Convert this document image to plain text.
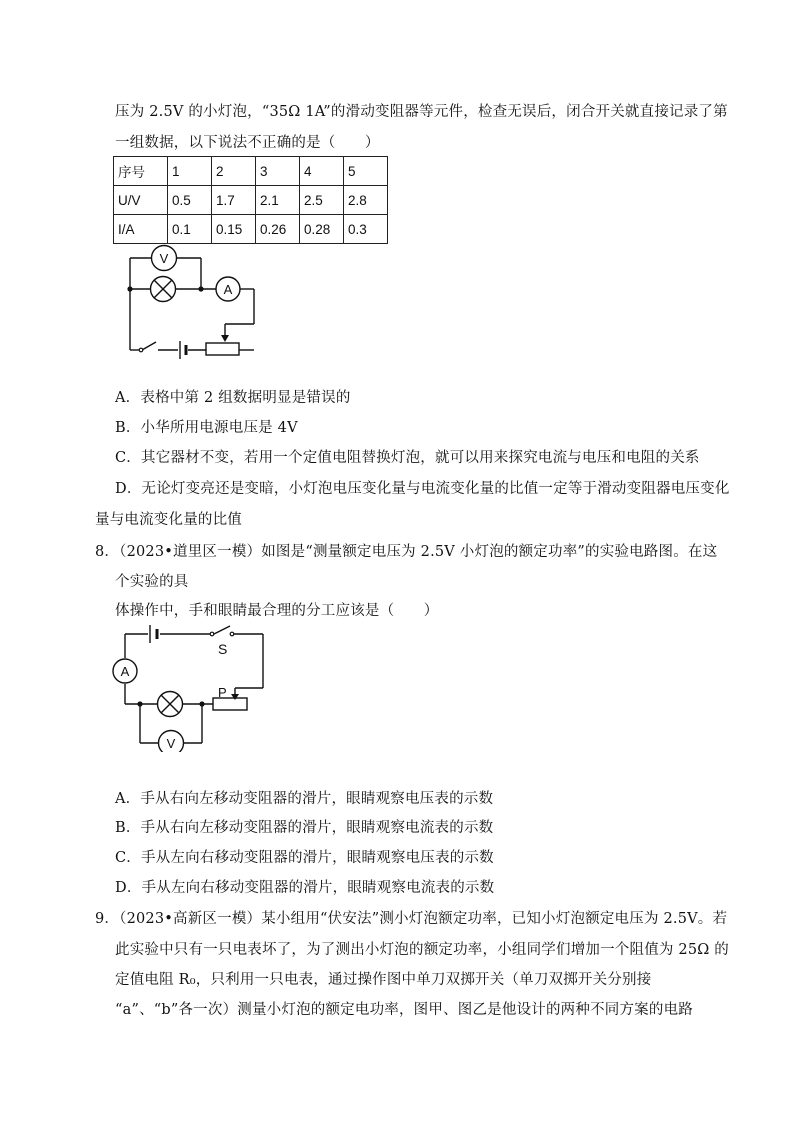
压为 2.5V 的小灯泡，“35Ω 1A”的滑动变阻器等元件，检查无误后，闭合开关就直接记录了第
一组数据，以下说法不正确的是（　　）
序号	1	2	3	4	5
U/V	0.5	1.7	2.1	2.5	2.8
I/A	0.1	0.15	0.26	0.28	0.3
V
A
A．表格中第 2 组数据明显是错误的
B．小华所用电源电压是 4V
C．其它器材不变，若用一个定值电阻替换灯泡，就可以用来探究电流与电压和电阻的关系
D．无论灯变亮还是变暗，小灯泡电压变化量与电流变化量的比值一定等于滑动变阻器电压变化
量与电流变化量的比值
8．（2023•道里区一模）如图是“测量额定电压为 2.5V 小灯泡的额定功率”的实验电路图。在这
个实验的具
体操作中，手和眼睛最合理的分工应该是（　　）
S
A
P
V
A．手从右向左移动变阻器的滑片，眼睛观察电压表的示数
B．手从右向左移动变阻器的滑片，眼睛观察电流表的示数
C．手从左向右移动变阻器的滑片，眼睛观察电压表的示数
D．手从左向右移动变阻器的滑片，眼睛观察电流表的示数
9．（2023•高新区一模）某小组用“伏安法”测小灯泡额定功率，已知小灯泡额定电压为 2.5V。若
此实验中只有一只电表坏了，为了测出小灯泡的额定功率，小组同学们增加一个阻值为 25Ω 的
定值电阻 R₀，只利用一只电表，通过操作图中单刀双掷开关（单刀双掷开关分别接
“a”、“b”各一次）测量小灯泡的额定电功率，图甲、图乙是他设计的两种不同方案的电路
